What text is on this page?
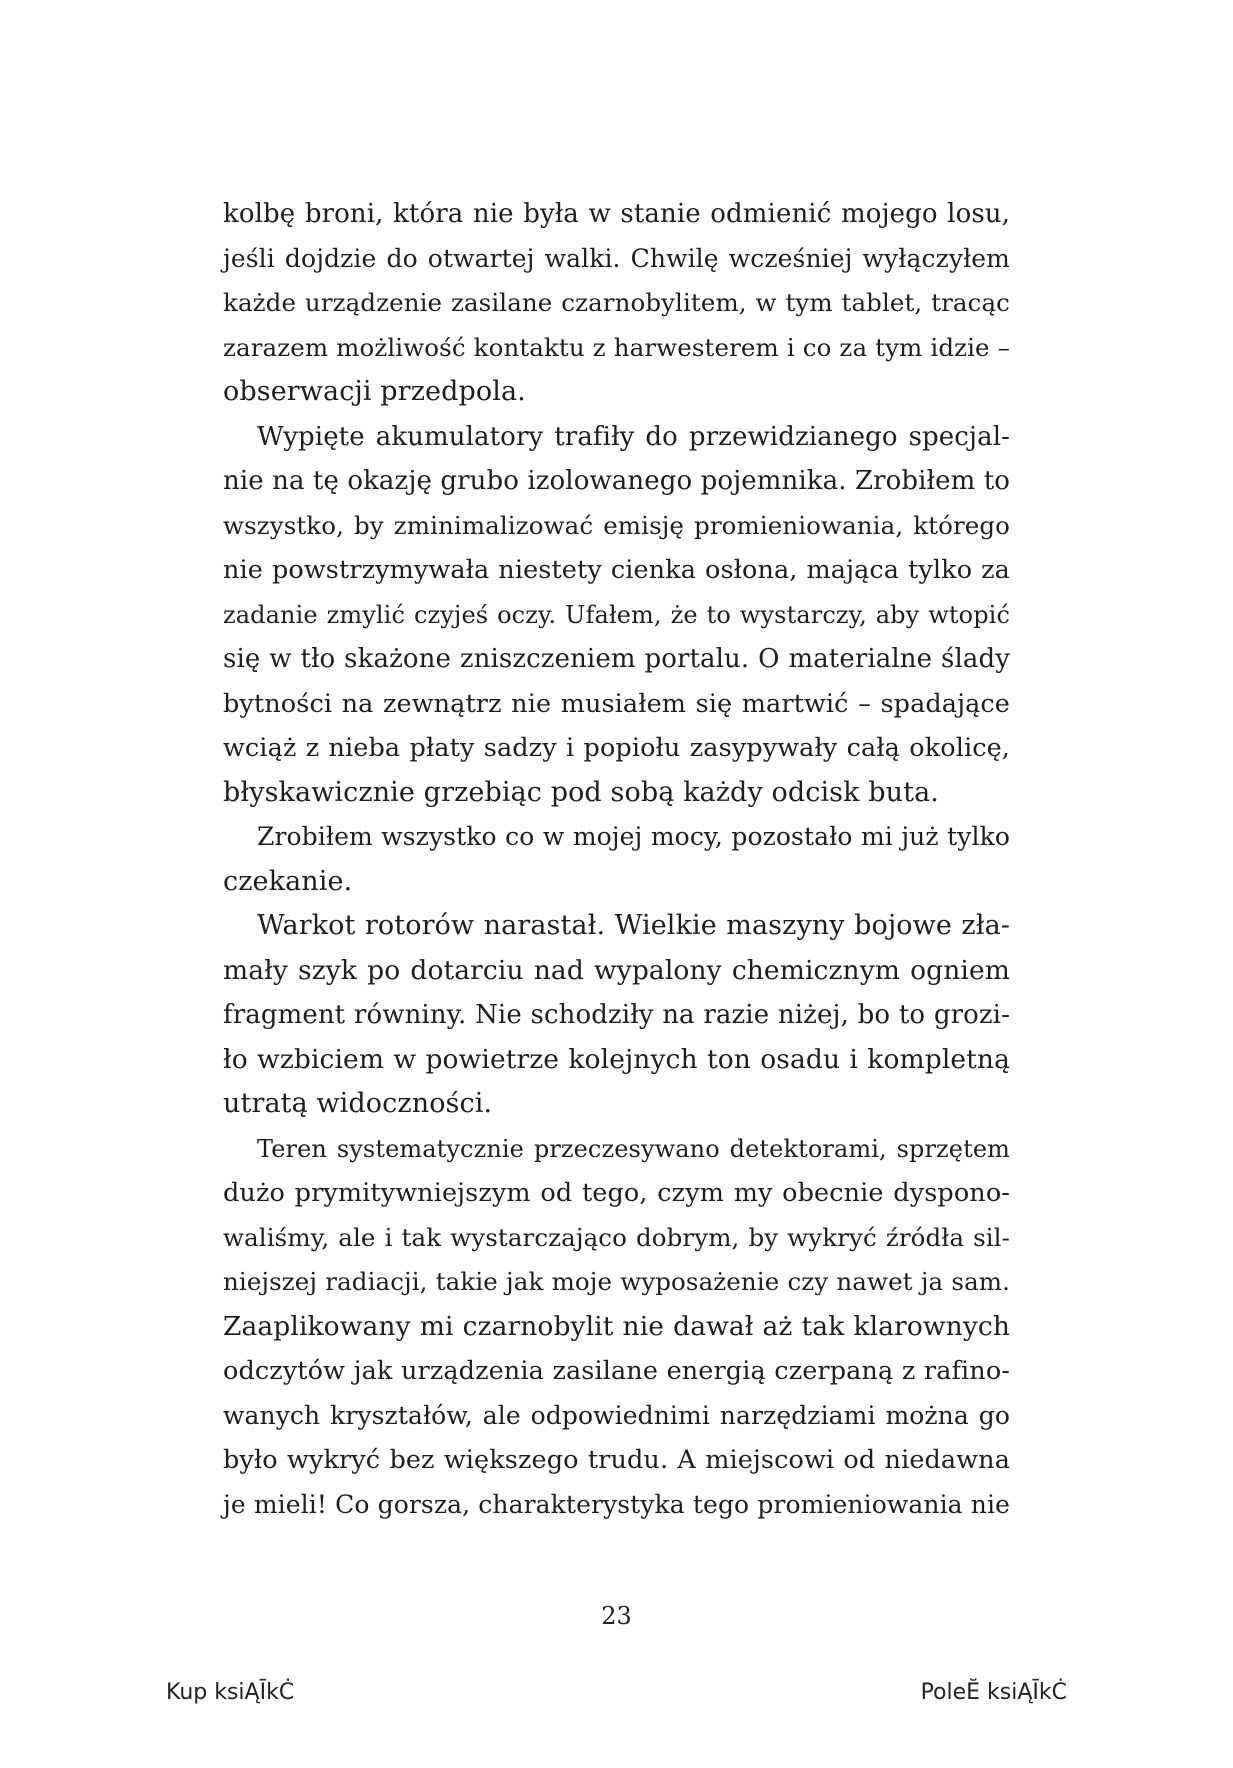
kolbę broni, która nie była w stanie odmienić mojego losu,
jeśli dojdzie do otwartej walki. Chwilę wcześniej wyłączyłem
każde urządzenie zasilane czarnobylitem, w tym tablet, tracąc
zarazem możliwość kontaktu z harwesterem i co za tym idzie –
obserwacji przedpola.
Wypięte akumulatory trafiły do przewidzianego specjal-
nie na tę okazję grubo izolowanego pojemnika. Zrobiłem to
wszystko, by zminimalizować emisję promieniowania, którego
nie powstrzymywała niestety cienka osłona, mająca tylko za
zadanie zmylić czyjeś oczy. Ufałem, że to wystarczy, aby wtopić
się w tło skażone zniszczeniem portalu. O materialne ślady
bytności na zewnątrz nie musiałem się martwić – spadające
wciąż z nieba płaty sadzy i popiołu zasypywały całą okolicę,
błyskawicznie grzebiąc pod sobą każdy odcisk buta.
Zrobiłem wszystko co w mojej mocy, pozostało mi już tylko
czekanie.
Warkot rotorów narastał. Wielkie maszyny bojowe zła-
mały szyk po dotarciu nad wypalony chemicznym ogniem
fragment równiny. Nie schodziły na razie niżej, bo to grozi-
ło wzbiciem w powietrze kolejnych ton osadu i kompletną
utratą widoczności.
Teren systematycznie przeczesywano detektorami, sprzętem
dużo prymitywniejszym od tego, czym my obecnie dyspono-
waliśmy, ale i tak wystarczająco dobrym, by wykryć źródła sil-
niejszej radiacji, takie jak moje wyposażenie czy nawet ja sam.
Zaaplikowany mi czarnobylit nie dawał aż tak klarownych
odczytów jak urządzenia zasilane energią czerpaną z rafino-
wanych kryształów, ale odpowiednimi narzędziami można go
było wykryć bez większego trudu. A miejscowi od niedawna
je mieli! Co gorsza, charakterystyka tego promieniowania nie
23
Kup ksiĄĪkĊ	PoleĔ ksiĄĪkĊ
